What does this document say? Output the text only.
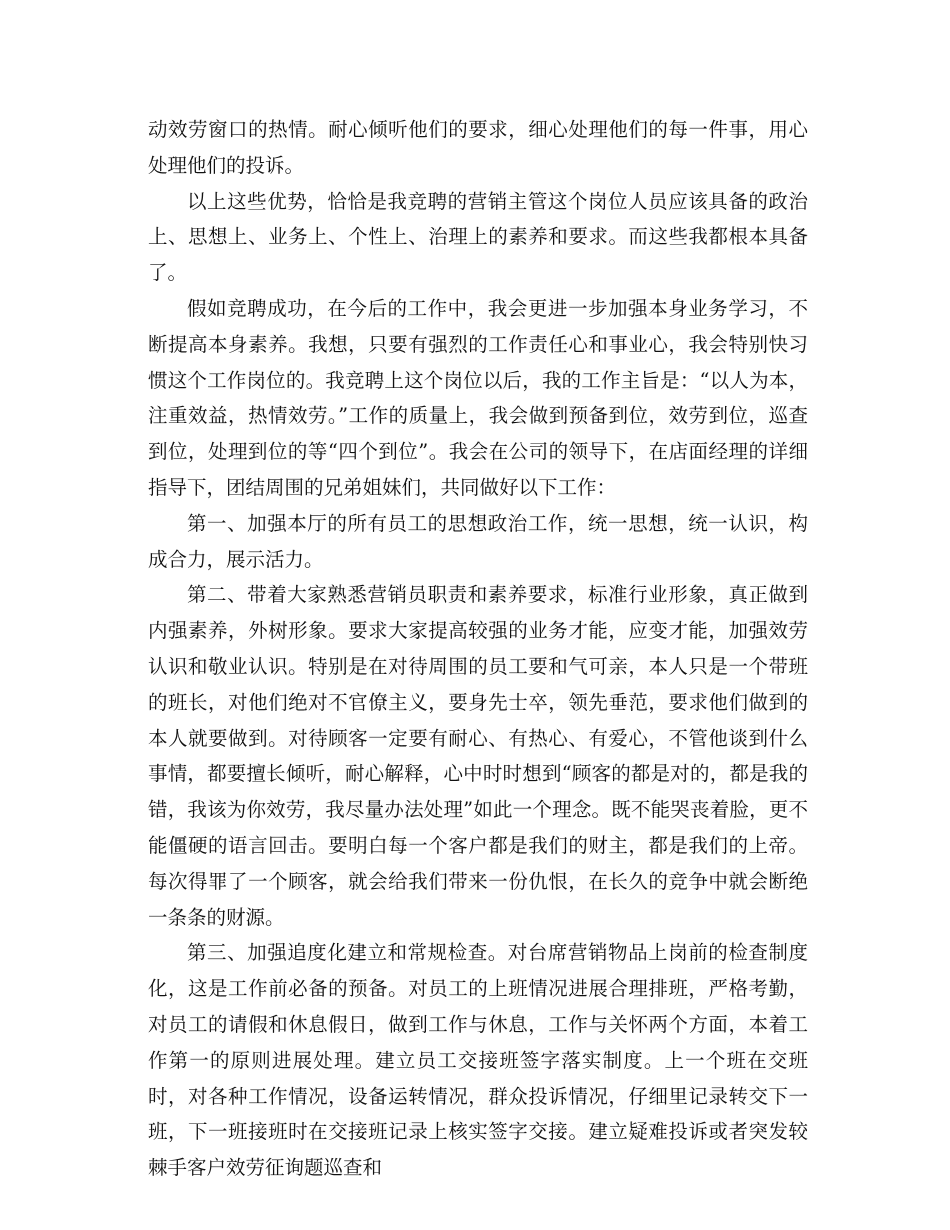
动效劳窗口的热情。耐心倾听他们的要求，细心处理他们的每一件事，用心处理他们的投诉。

以上这些优势，恰恰是我竞聘的营销主管这个岗位人员应该具备的政治上、思想上、业务上、个性上、治理上的素养和要求。而这些我都根本具备了。

假如竞聘成功，在今后的工作中，我会更进一步加强本身业务学习，不断提高本身素养。我想，只要有强烈的工作责任心和事业心，我会特别快习惯这个工作岗位的。我竞聘上这个岗位以后，我的工作主旨是：“以人为本，注重效益，热情效劳。”工作的质量上，我会做到预备到位，效劳到位，巡查到位，处理到位的等“四个到位”。我会在公司的领导下，在店面经理的详细指导下，团结周围的兄弟姐妹们，共同做好以下工作：

第一、加强本厅的所有员工的思想政治工作，统一思想，统一认识，构成合力，展示活力。

第二、带着大家熟悉营销员职责和素养要求，标准行业形象，真正做到内强素养，外树形象。要求大家提高较强的业务才能，应变才能，加强效劳认识和敬业认识。特别是在对待周围的员工要和气可亲，本人只是一个带班的班长，对他们绝对不官僚主义，要身先士卒，领先垂范，要求他们做到的本人就要做到。对待顾客一定要有耐心、有热心、有爱心，不管他谈到什么事情，都要擅长倾听，耐心解释，心中时时想到“顾客的都是对的，都是我的错，我该为你效劳，我尽量办法处理”如此一个理念。既不能哭丧着脸，更不能僵硬的语言回击。要明白每一个客户都是我们的财主，都是我们的上帝。每次得罪了一个顾客，就会给我们带来一份仇恨，在长久的竞争中就会断绝一条条的财源。

第三、加强追度化建立和常规检查。对台席营销物品上岗前的检查制度化，这是工作前必备的预备。对员工的上班情况进展合理排班，严格考勤，对员工的请假和休息假日，做到工作与休息，工作与关怀两个方面，本着工作第一的原则进展处理。建立员工交接班签字落实制度。上一个班在交班时，对各种工作情况，设备运转情况，群众投诉情况，仔细里记录转交下一班，下一班接班时在交接班记录上核实签字交接。建立疑难投诉或者突发较棘手客户效劳征询题巡查和
